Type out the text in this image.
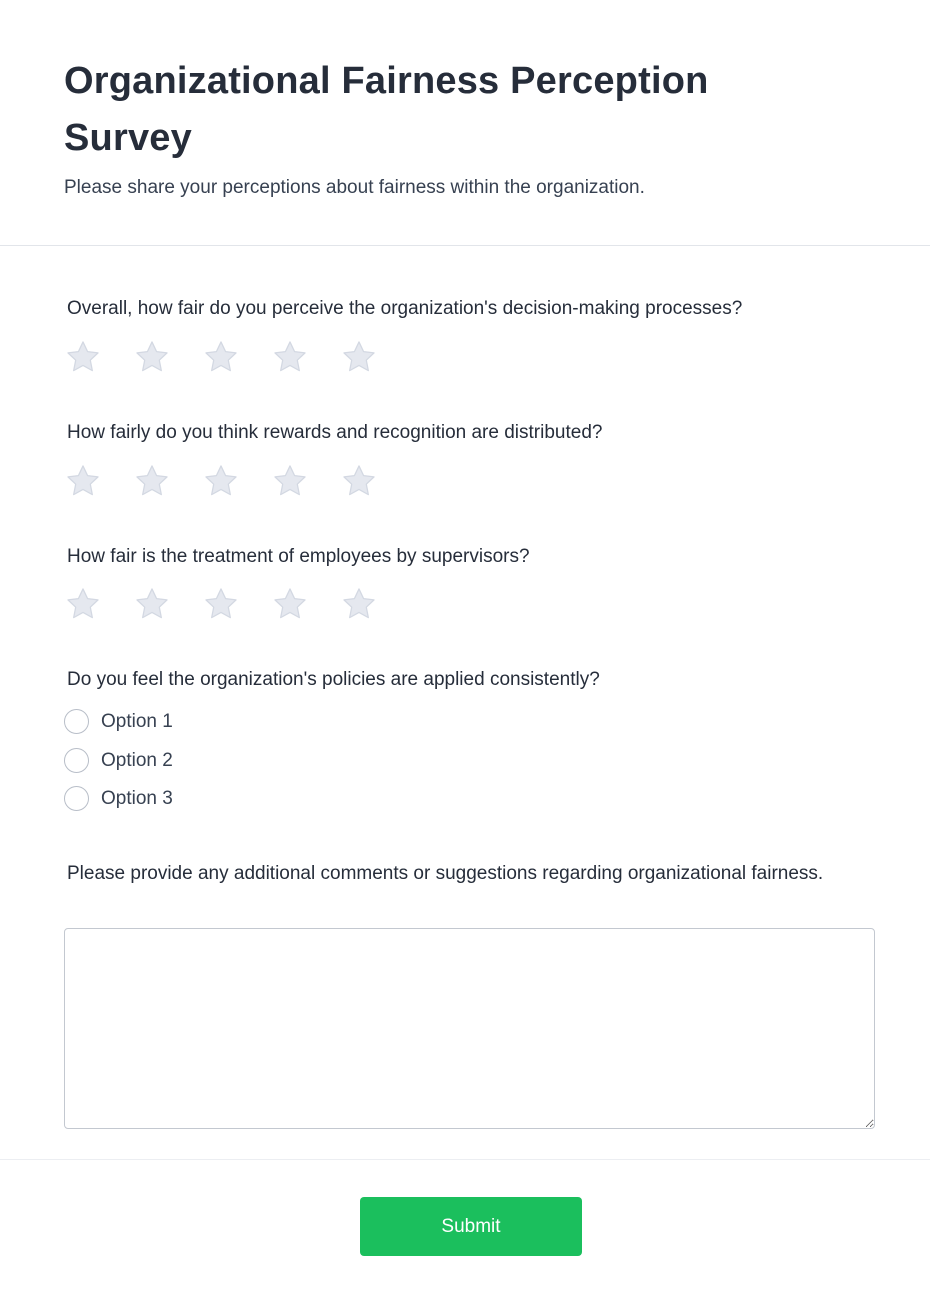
Organizational Fairness Perception Survey

Please share your perceptions about fairness within the organization.

Overall, how fair do you perceive the organization's decision-making processes?
How fairly do you think rewards and recognition are distributed?
How fair is the treatment of employees by supervisors?
Do you feel the organization's policies are applied consistently?
Option 1
Option 2
Option 3
Please provide any additional comments or suggestions regarding organizational fairness.
Submit
